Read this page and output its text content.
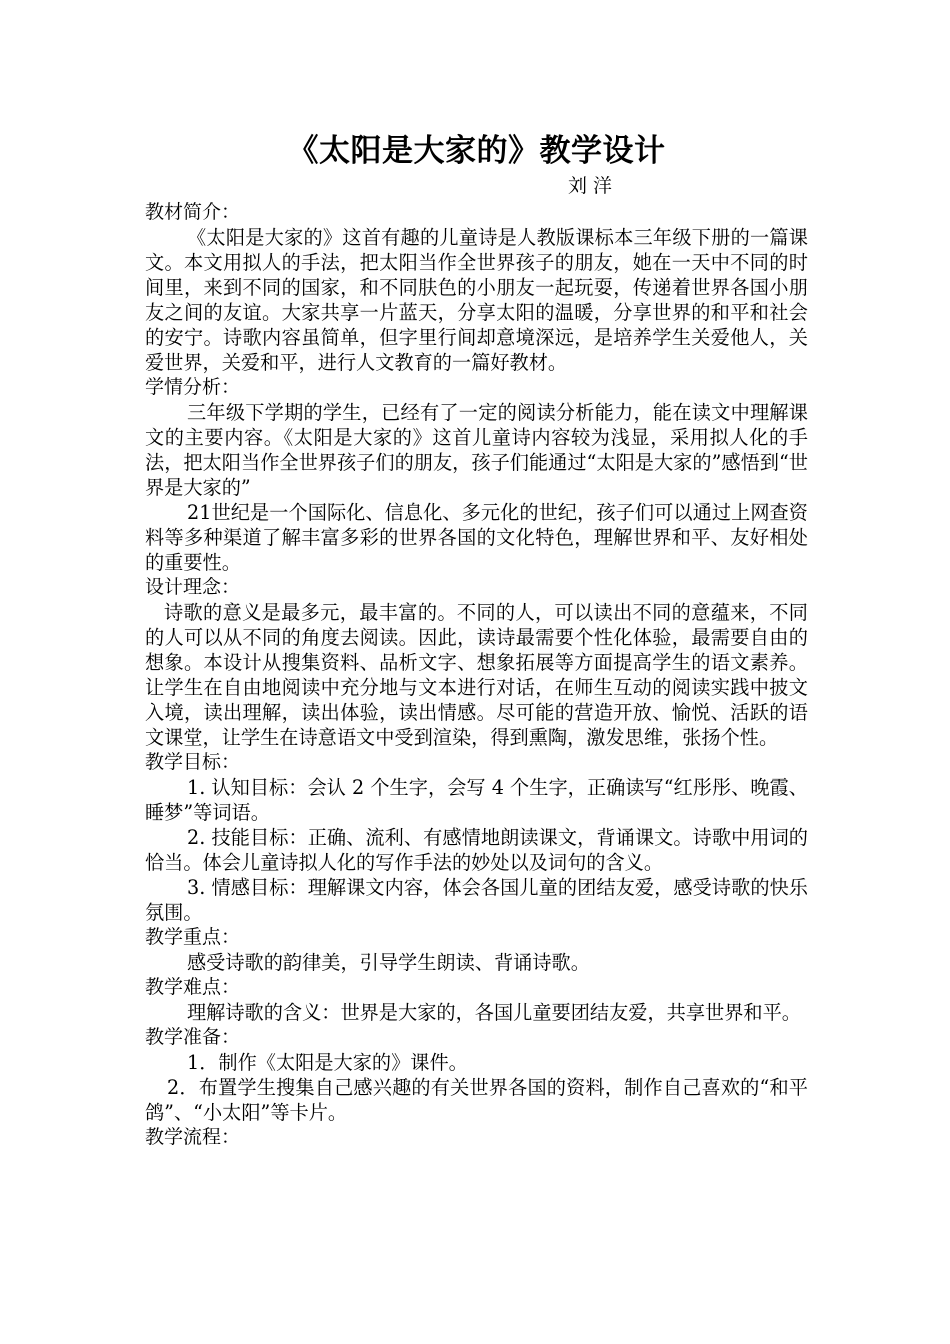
《太阳是大家的》教学设计

刘 洋

教材简介：

《太阳是大家的》这首有趣的儿童诗是人教版课标本三年级下册的一篇课文。本文用拟人的手法，把太阳当作全世界孩子的朋友，她在一天中不同的时间里，来到不同的国家，和不同肤色的小朋友一起玩耍，传递着世界各国小朋友之间的友谊。大家共享一片蓝天，分享太阳的温暖，分享世界的和平和社会的安宁。诗歌内容虽简单，但字里行间却意境深远，是培养学生关爱他人，关爱世界，关爱和平，进行人文教育的一篇好教材。

学情分析：

三年级下学期的学生，已经有了一定的阅读分析能力，能在读文中理解课文的主要内容。《太阳是大家的》这首儿童诗内容较为浅显，采用拟人化的手法，把太阳当作全世界孩子们的朋友，孩子们能通过“太阳是大家的”感悟到“世界是大家的”

21世纪是一个国际化、信息化、多元化的世纪，孩子们可以通过上网查资料等多种渠道了解丰富多彩的世界各国的文化特色，理解世界和平、友好相处的重要性。

设计理念：

诗歌的意义是最多元，最丰富的。不同的人，可以读出不同的意蕴来，不同的人可以从不同的角度去阅读。因此，读诗最需要个性化体验，最需要自由的想象。本设计从搜集资料、品析文字、想象拓展等方面提高学生的语文素养。让学生在自由地阅读中充分地与文本进行对话，在师生互动的阅读实践中披文入境，读出理解，读出体验，读出情感。尽可能的营造开放、愉悦、活跃的语文课堂，让学生在诗意语文中受到渲染，得到熏陶，激发思维，张扬个性。

教学目标：

1. 认知目标：会认 2 个生字，会写 4 个生字，正确读写“红彤彤、晚霞、睡梦”等词语。

2. 技能目标：正确、流利、有感情地朗读课文，背诵课文。诗歌中用词的恰当。体会儿童诗拟人化的写作手法的妙处以及词句的含义。

3. 情感目标：理解课文内容，体会各国儿童的团结友爱，感受诗歌的快乐氛围。

教学重点：

感受诗歌的韵律美，引导学生朗读、背诵诗歌。

教学难点：

理解诗歌的含义：世界是大家的，各国儿童要团结友爱，共享世界和平。

教学准备：

1．制作《太阳是大家的》课件。

2．布置学生搜集自己感兴趣的有关世界各国的资料，制作自己喜欢的“和平鸽”、“小太阳”等卡片。

教学流程：
